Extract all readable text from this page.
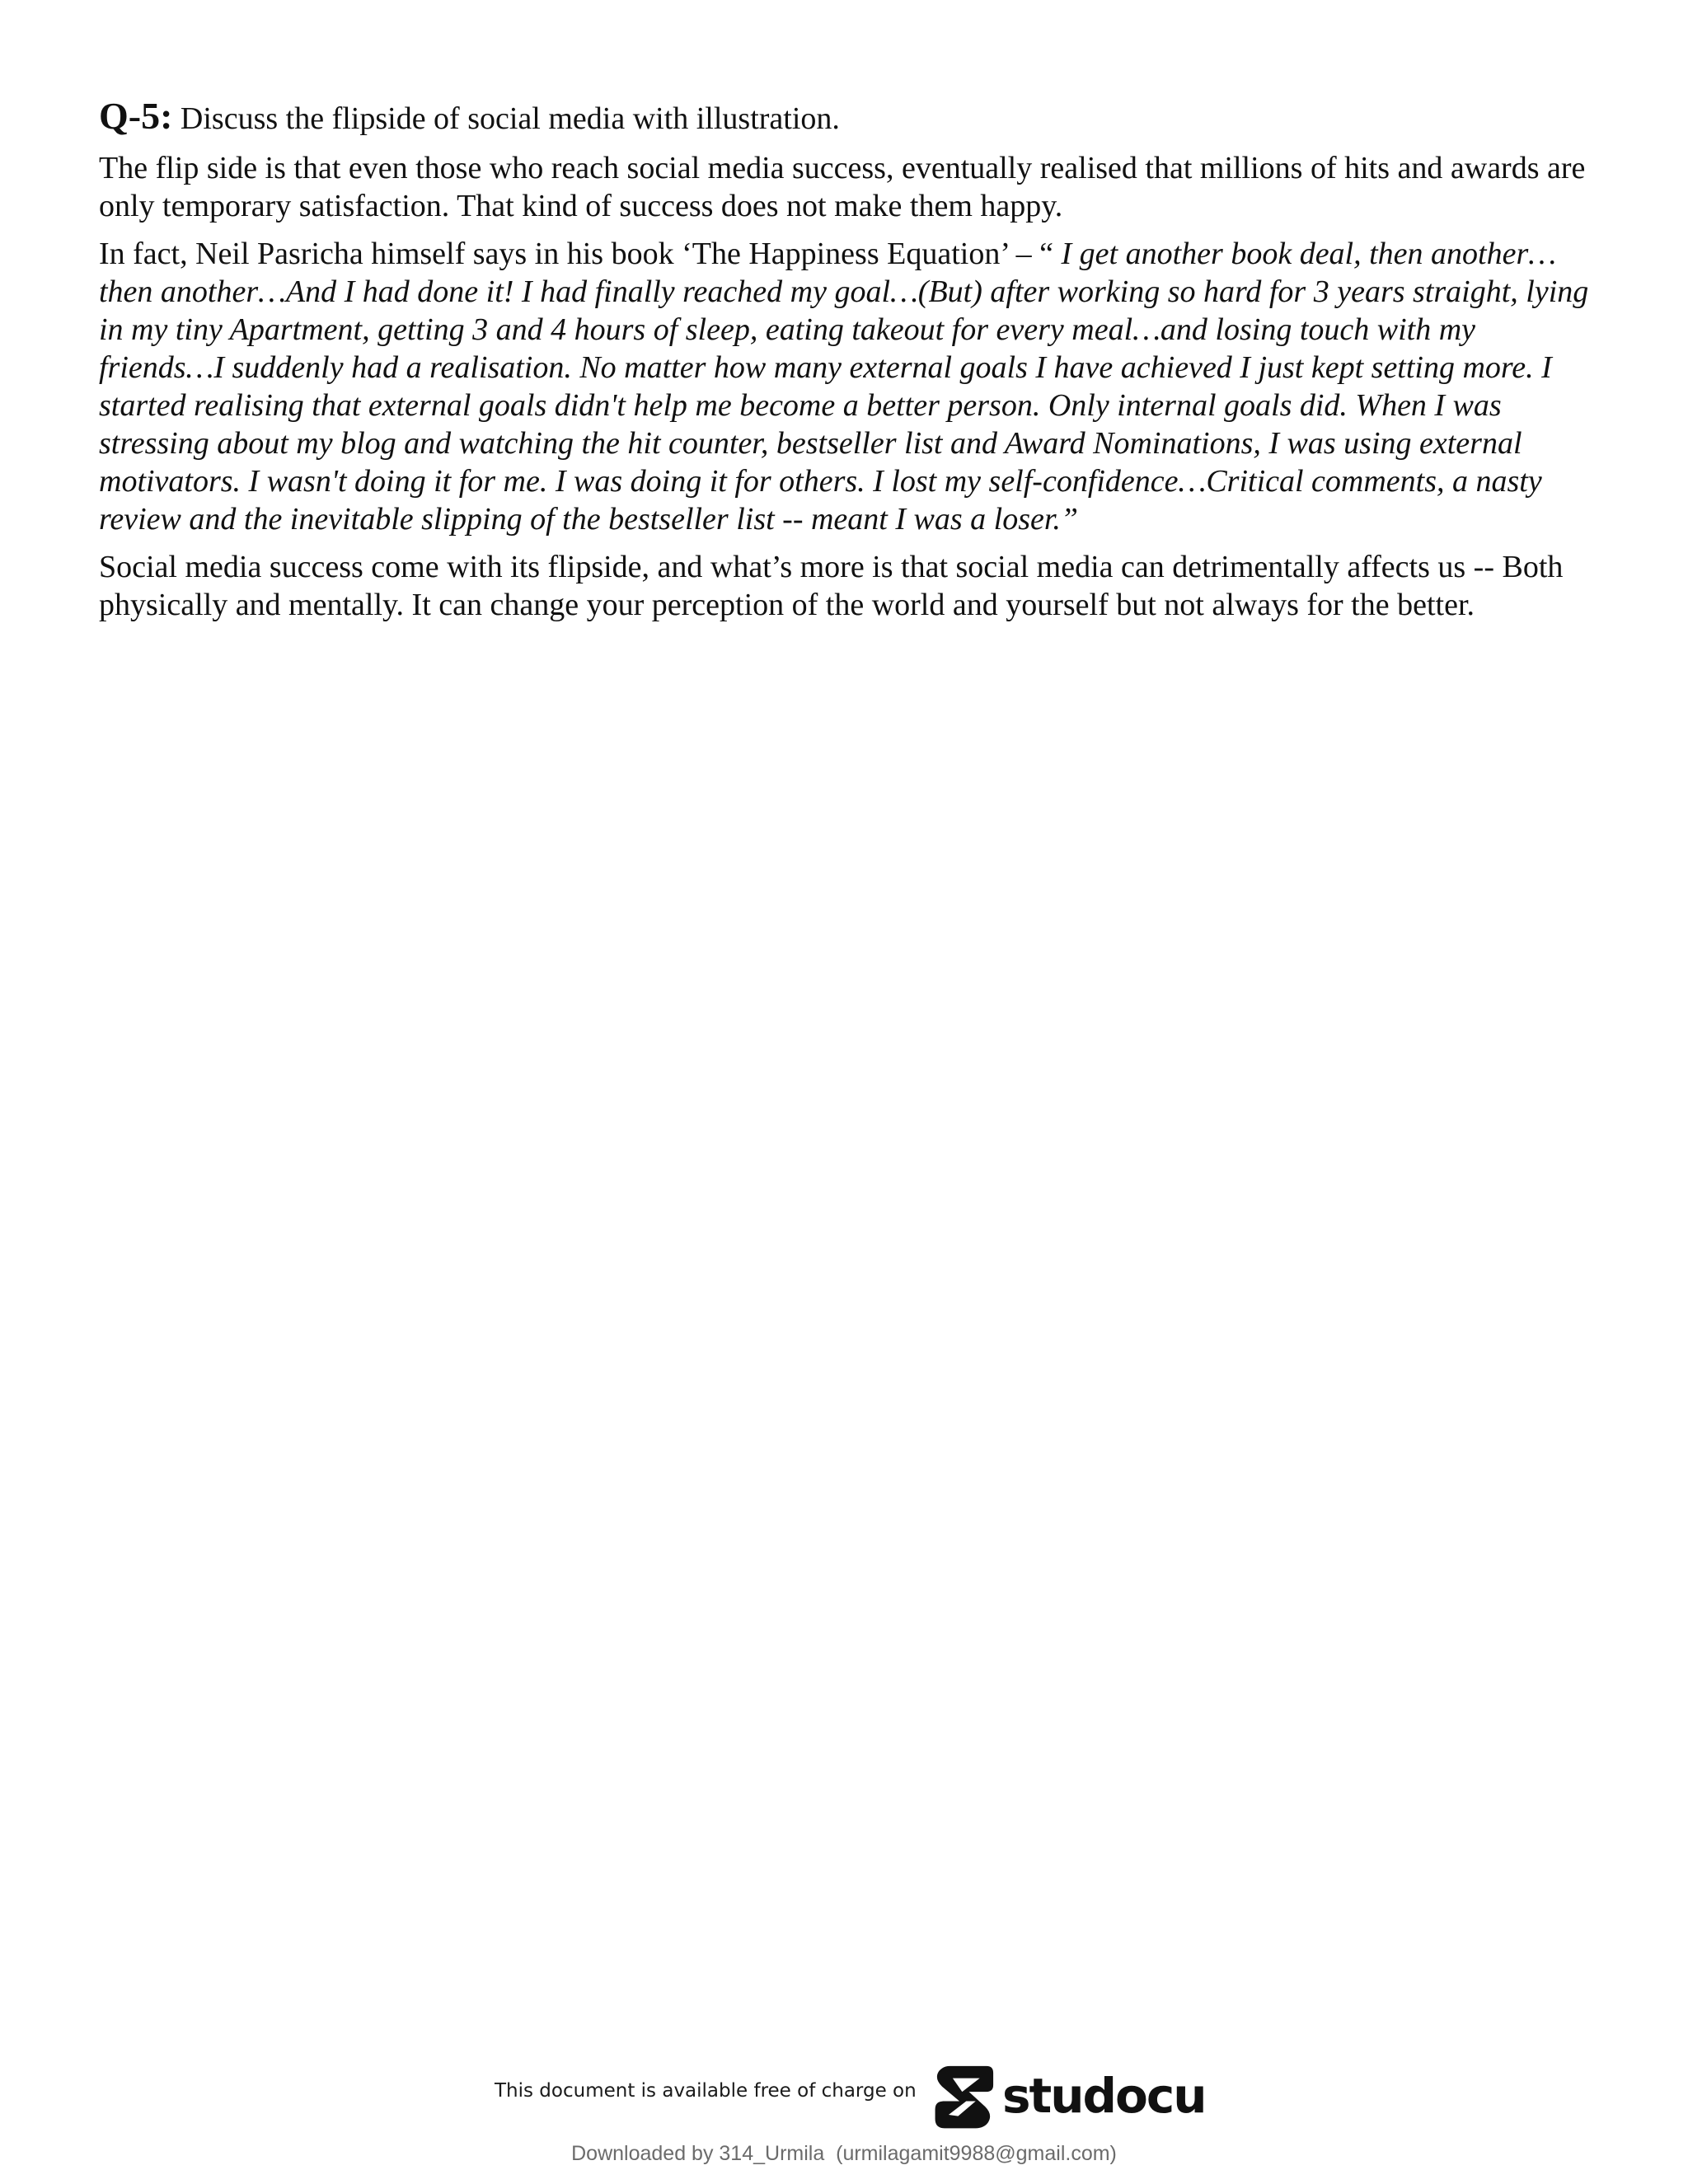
Q-5: Discuss the flipside of social media with illustration.

The flip side is that even those who reach social media success, eventually realised that millions of hits and awards are only temporary satisfaction. That kind of success does not make them happy.

In fact, Neil Pasricha himself says in his book ‘The Happiness Equation’ – “ I get another book deal, then another…then another…And I had done it! I had finally reached my goal…(But) after working so hard for 3 years straight, lying in my tiny Apartment, getting 3 and 4 hours of sleep, eating takeout for every meal…and losing touch with my friends…I suddenly had a realisation. No matter how many external goals I have achieved I just kept setting more. I started realising that external goals didn't help me become a better person. Only internal goals did. When I was stressing about my blog and watching the hit counter, bestseller list and Award Nominations, I was using external motivators. I wasn't doing it for me. I was doing it for others. I lost my self-confidence…Critical comments, a nasty review and the inevitable slipping of the bestseller list -- meant I was a loser.”

Social media success come with its flipside, and what’s more is that social media can detrimentally affects us -- Both physically and mentally. It can change your perception of the world and yourself but not always for the better.

This document is available free of charge on studocu
Downloaded by 314_Urmila  (urmilagamit9988@gmail.com)
